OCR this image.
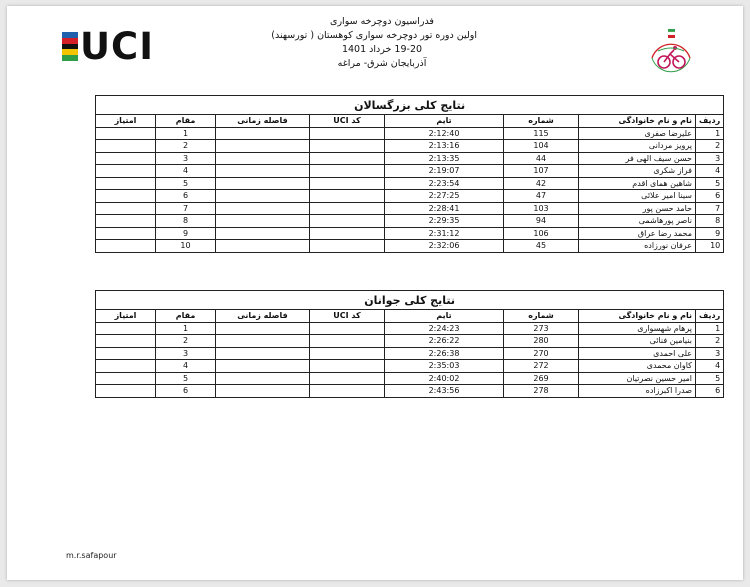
UCI
فدراسیون دوچرخه سواری
اولین دوره تور دوچرخه سواری کوهستان ( تورسهند)
19-20 خرداد 1401
آذربایجان شرق- مراغه
نتایج کلی بزرگسالان							
ردیف	نام و نام خانوادگی	شماره	تایم	کد UCI	فاصله زمانی	مقام	امتیاز
1	علیرضا صفری	115	2:12:40			1	
2	پرویز مردانی	104	2:13:16			2	
3	حسن سیف الهی فر	44	2:13:35			3	
4	فراز شکری	107	2:19:07			4	
5	شاهین همای اقدم	42	2:23:54			5	
6	سینا امیر علائی	47	2:27:25			6	
7	حامد حسن پور	103	2:28:41			7	
8	ناصر پورهاشمی	94	2:29:35			8	
9	محمد رضا عراق	106	2:31:12			9	
10	عرفان نورزاده	45	2:32:06			10	
نتایج کلی جوانان							
ردیف	نام و نام خانوادگی	شماره	تایم	کد UCI	فاصله زمانی	مقام	امتیاز
1	پرهام شهسواری	273	2:24:23			1	
2	بنیامین فنائی	280	2:26:22			2	
3	علی احمدی	270	2:26:38			3	
4	کاوان محمدی	272	2:35:03			4	
5	امیر حسین نصرتیان	269	2:40:02			5	
6	صدرا اکبرزاده	278	2:43:56			6	
m.r.safapour
